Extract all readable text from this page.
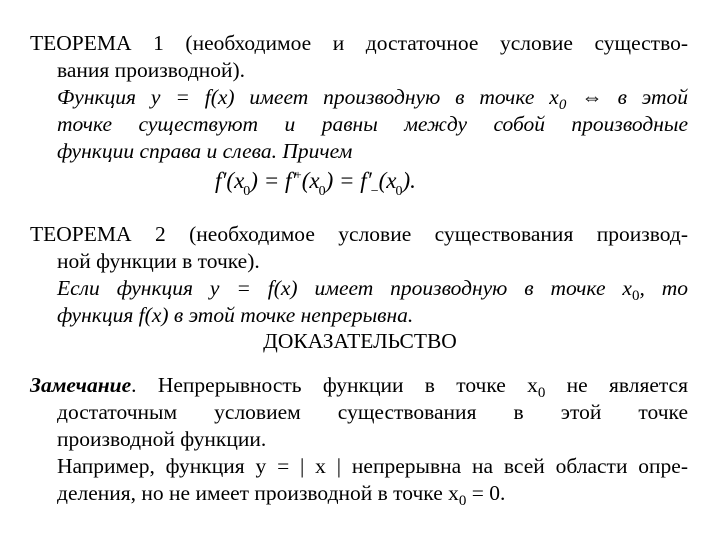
ТЕОРЕМА 1 (необходимое и достаточное условие существо-
вания производной).
Функция y = f(x) имеет производную в точке $x_0$ ⇔ в этой
точке существуют и равны между собой производные
функции справа и слева. Причем
$f'(x_0) = f'^+(x_0) = f'_-(x_0)$.
ТЕОРЕМА 2 (необходимое условие существования производ-
ной функции в точке).
Если функция y = f(x) имеет производную в точке $x_0$, то
функция f(x) в этой точке непрерывна.
ДОКАЗАТЕЛЬСТВО
Замечание. Непрерывность функции в точке $x_0$ не является
достаточным условием существования в этой точке
производной функции.
Например, функция y = | x | непрерывна на всей области опре-
деления, но не имеет производной в точке $x_0 = 0$.
